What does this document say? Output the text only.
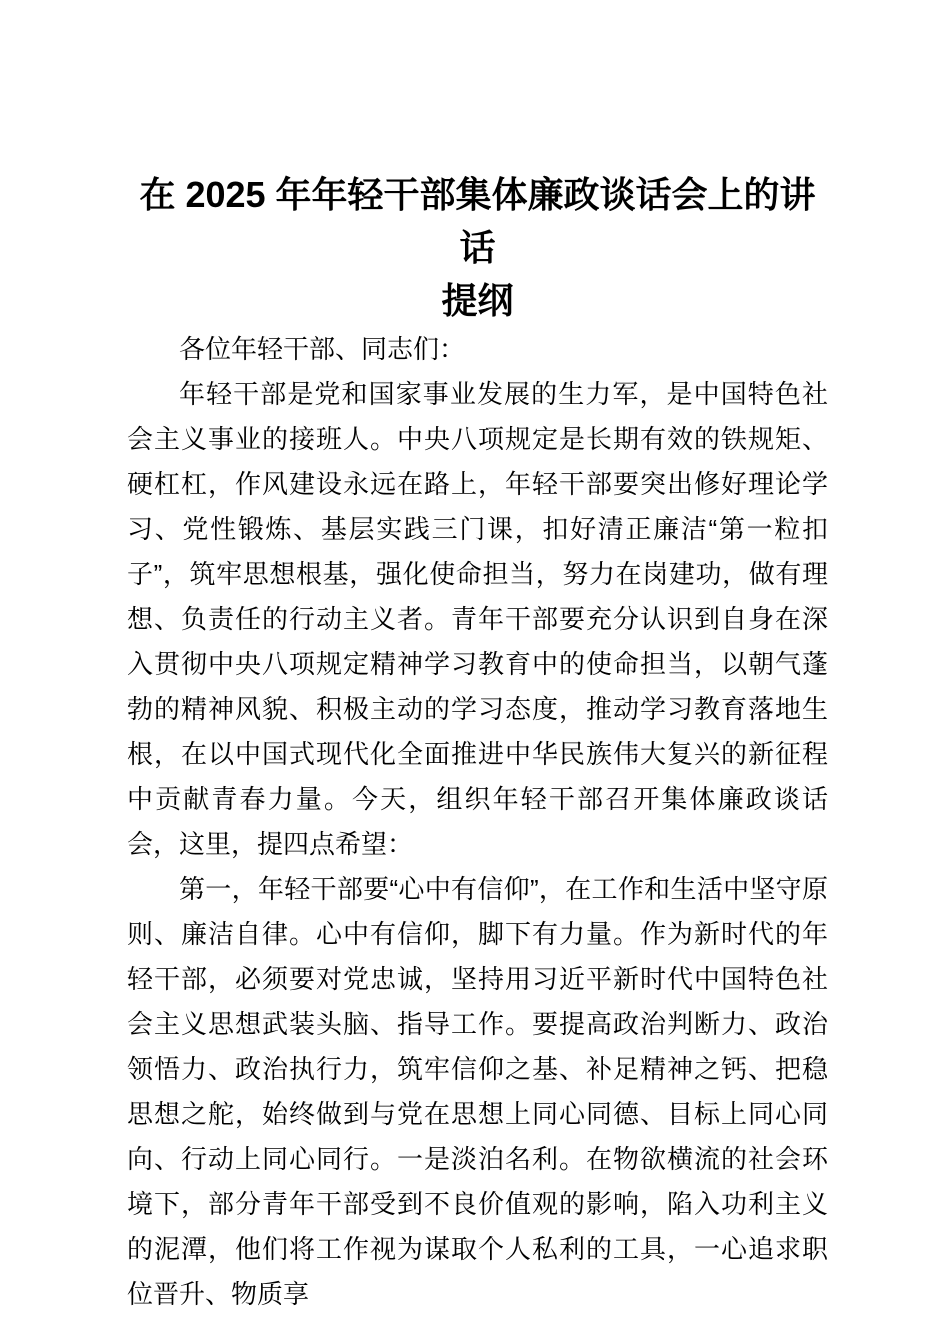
在 2025 年年轻干部集体廉政谈话会上的讲话
提纲

各位年轻干部、同志们：

年轻干部是党和国家事业发展的生力军，是中国特色社会主义事业的接班人。中央八项规定是长期有效的铁规矩、硬杠杠，作风建设永远在路上，年轻干部要突出修好理论学习、党性锻炼、基层实践三门课，扣好清正廉洁“第一粒扣子”，筑牢思想根基，强化使命担当，努力在岗建功，做有理想、负责任的行动主义者。青年干部要充分认识到自身在深入贯彻中央八项规定精神学习教育中的使命担当，以朝气蓬勃的精神风貌、积极主动的学习态度，推动学习教育落地生根，在以中国式现代化全面推进中华民族伟大复兴的新征程中贡献青春力量。今天，组织年轻干部召开集体廉政谈话会，这里，提四点希望：

第一，年轻干部要“心中有信仰”，在工作和生活中坚守原则、廉洁自律。心中有信仰，脚下有力量。作为新时代的年轻干部，必须要对党忠诚，坚持用习近平新时代中国特色社会主义思想武装头脑、指导工作。要提高政治判断力、政治领悟力、政治执行力，筑牢信仰之基、补足精神之钙、把稳思想之舵，始终做到与党在思想上同心同德、目标上同心同向、行动上同心同行。一是淡泊名利。在物欲横流的社会环境下，部分青年干部受到不良价值观的影响，陷入功利主义的泥潭，他们将工作视为谋取个人私利的工具，一心追求职位晋升、物质享
